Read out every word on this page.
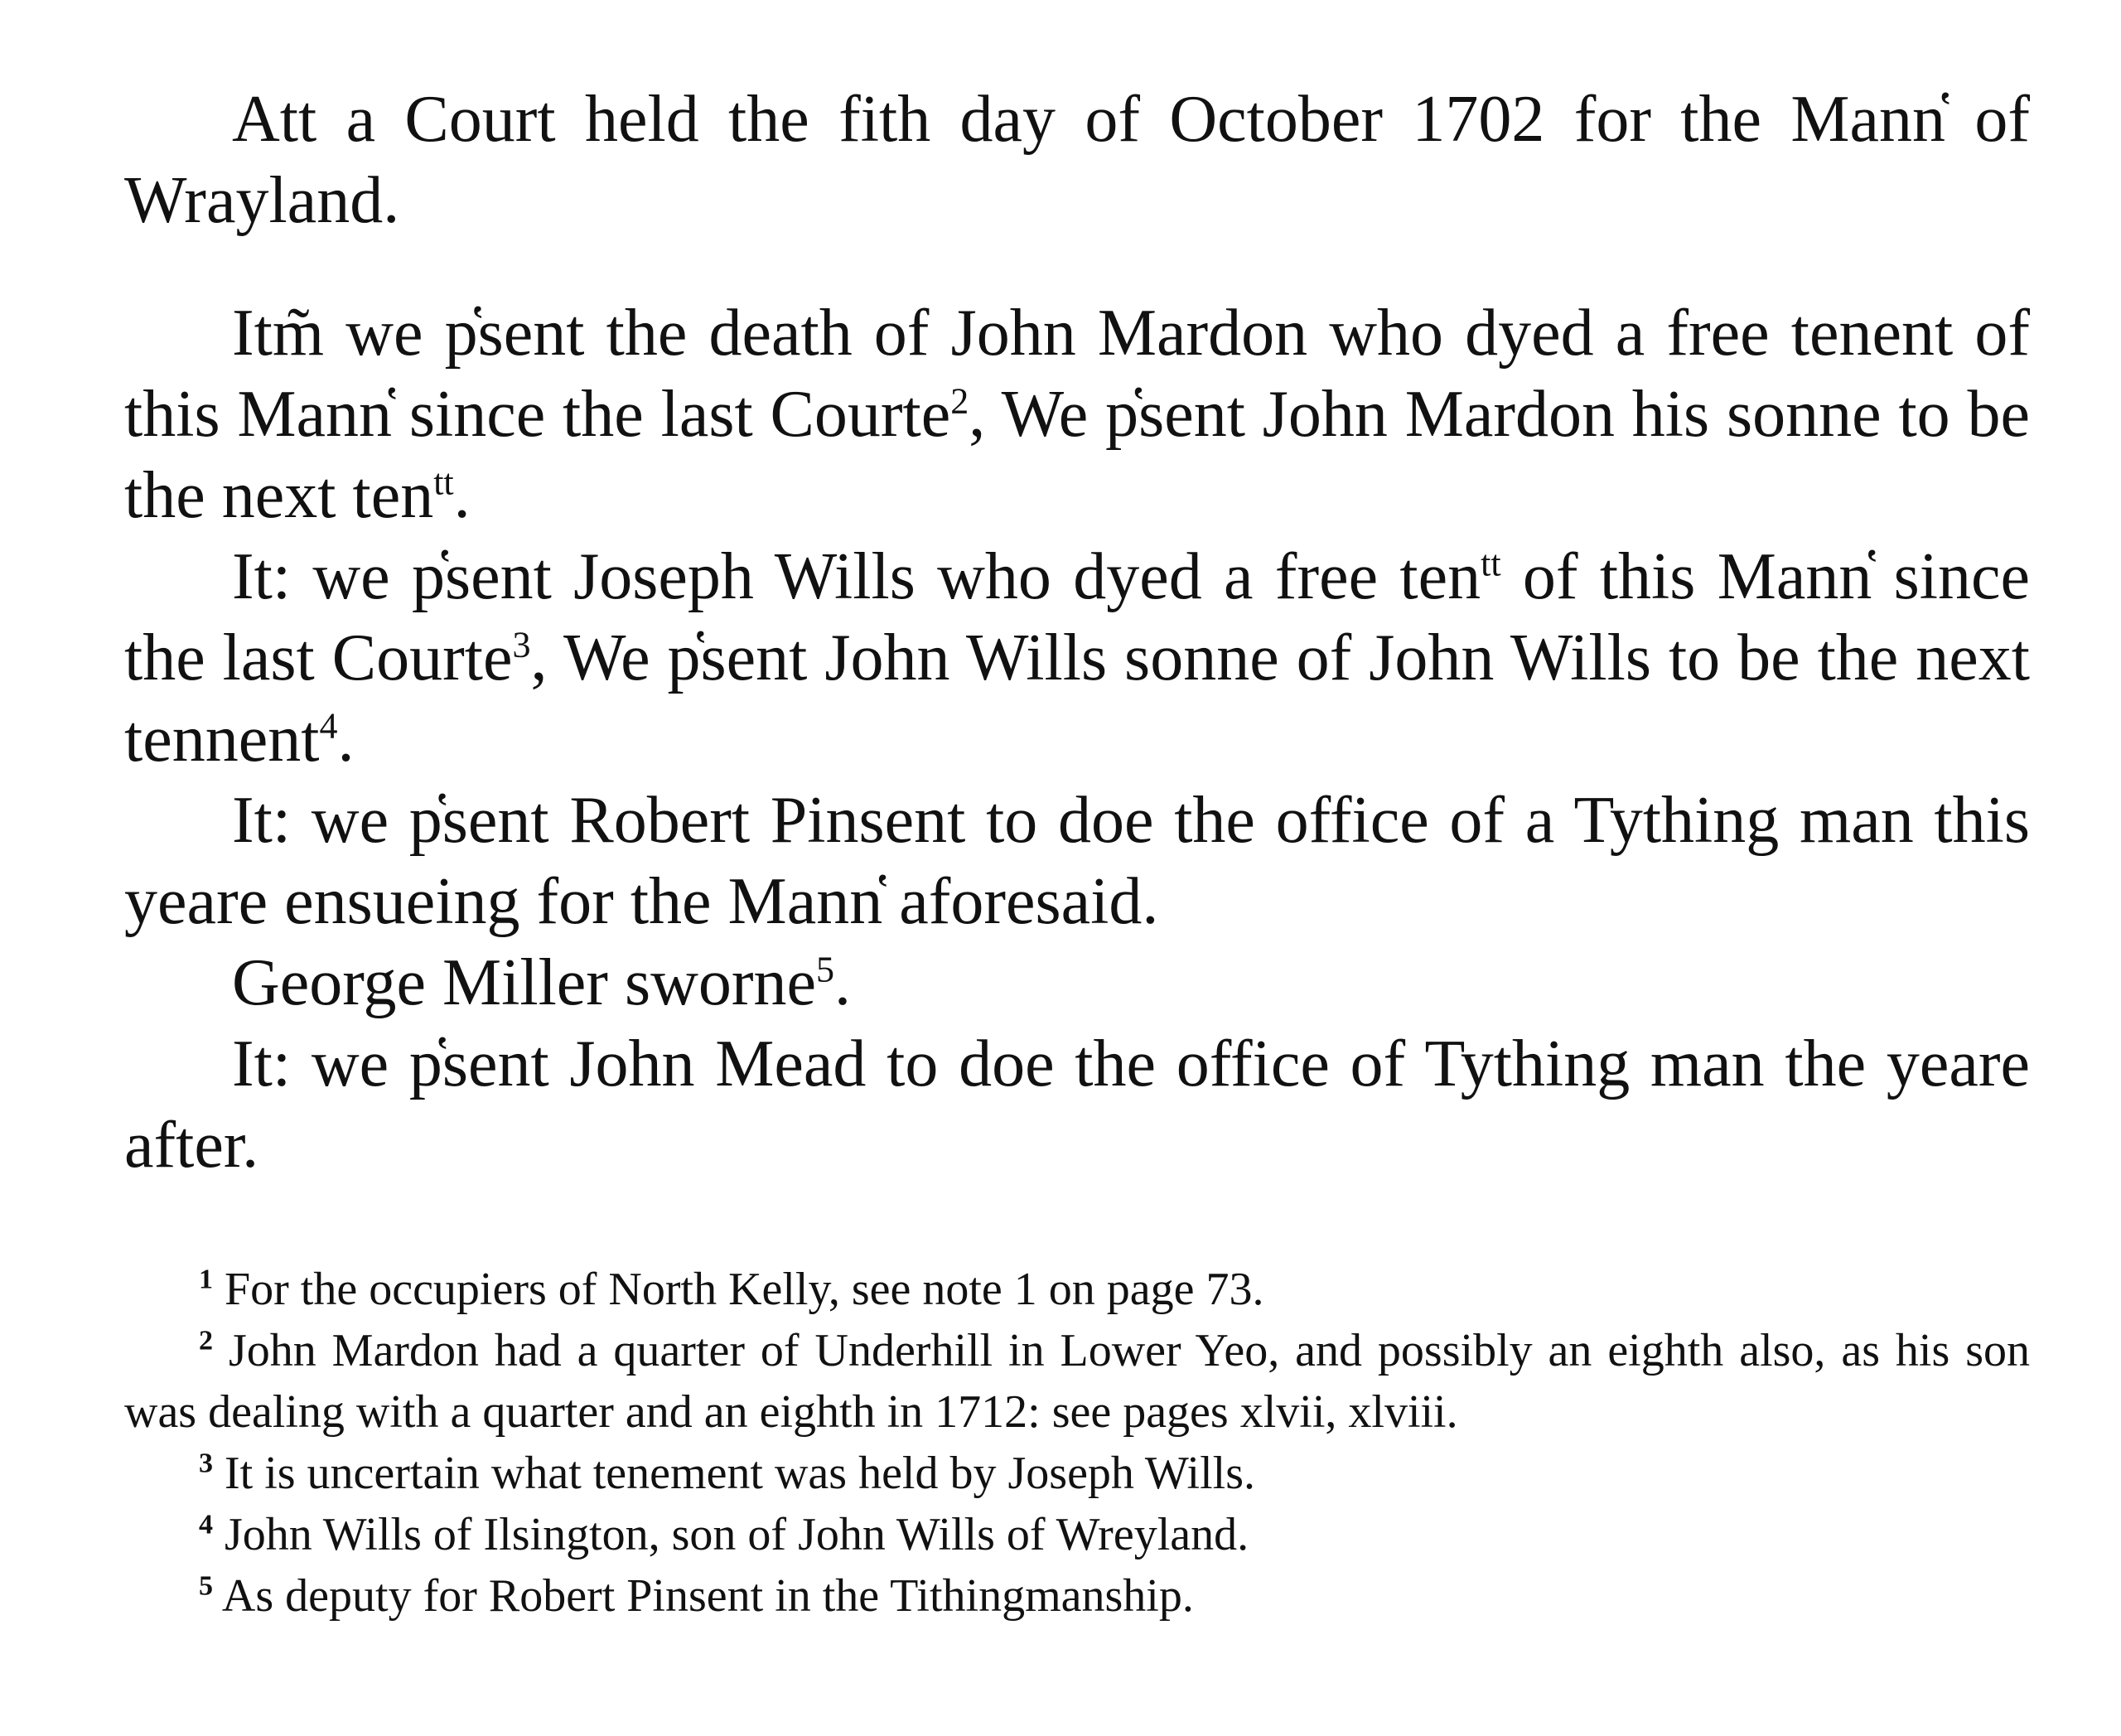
Att a Court held the fith day of October 1702 for the Mann̔ of Wrayland.

Itm̃ we p̔sent the death of John Mardon who dyed a free tenent of this Mann̔ since the last Courte$^2$, We p̔sent John Mardon his sonne to be the next ten$^{tt}$.

It: we p̔sent Joseph Wills who dyed a free ten$^{tt}$ of this Mann̔ since the last Courte$^3$, We p̔sent John Wills sonne of John Wills to be the next tennent$^4$.

It: we p̔sent Robert Pinsent to doe the office of a Tything man this yeare ensueing for the Mann̔ aforesaid.

George Miller sworne$^5$.

It: we p̔sent John Mead to doe the office of Tything man the yeare after.

$^1$ For the occupiers of North Kelly, see note 1 on page 73.

$^2$ John Mardon had a quarter of Underhill in Lower Yeo, and possibly an eighth also, as his son was dealing with a quarter and an eighth in 1712: see pages xlvii, xlviii.

$^3$ It is uncertain what tenement was held by Joseph Wills.

$^4$ John Wills of Ilsington, son of John Wills of Wreyland.

$^5$ As deputy for Robert Pinsent in the Tithingmanship.
